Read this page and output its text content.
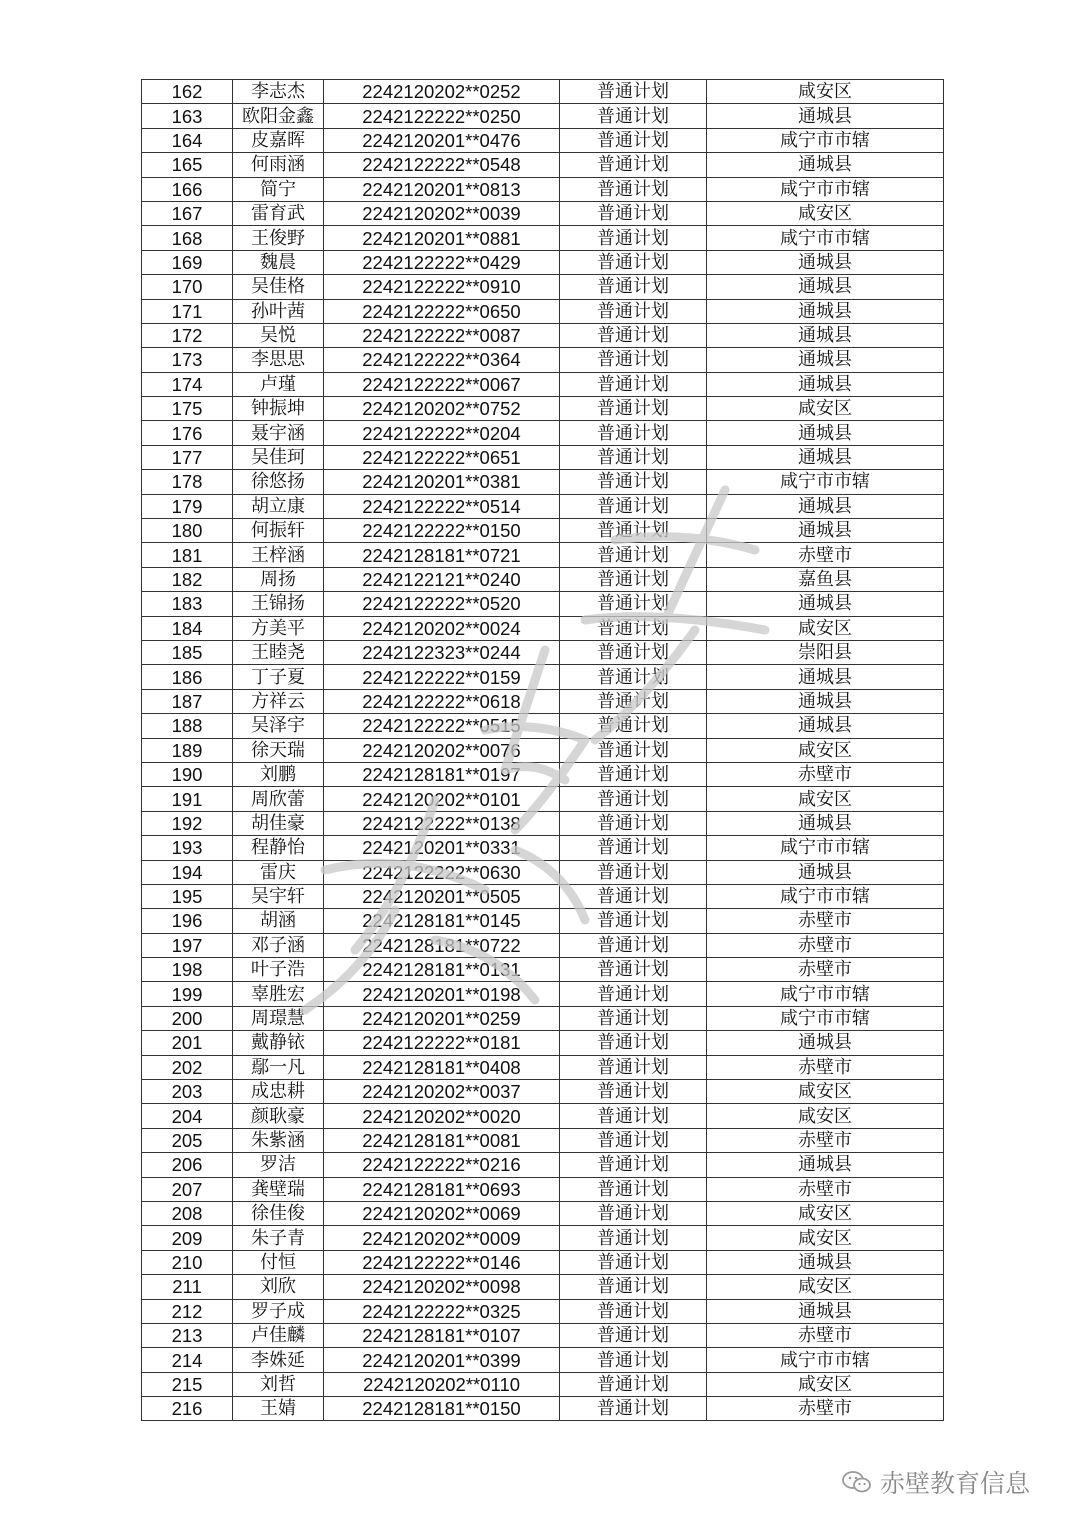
162	李志杰	2242120202**0252	普通计划	咸安区
163	欧阳金鑫	2242122222**0250	普通计划	通城县
164	皮嘉晖	2242120201**0476	普通计划	咸宁市市辖
165	何雨涵	2242122222**0548	普通计划	通城县
166	简宁	2242120201**0813	普通计划	咸宁市市辖
167	雷育武	2242120202**0039	普通计划	咸安区
168	王俊野	2242120201**0881	普通计划	咸宁市市辖
169	魏晨	2242122222**0429	普通计划	通城县
170	吴佳格	2242122222**0910	普通计划	通城县
171	孙叶茜	2242122222**0650	普通计划	通城县
172	吴悦	2242122222**0087	普通计划	通城县
173	李思思	2242122222**0364	普通计划	通城县
174	卢瑾	2242122222**0067	普通计划	通城县
175	钟振坤	2242120202**0752	普通计划	咸安区
176	聂宇涵	2242122222**0204	普通计划	通城县
177	吴佳珂	2242122222**0651	普通计划	通城县
178	徐悠扬	2242120201**0381	普通计划	咸宁市市辖
179	胡立康	2242122222**0514	普通计划	通城县
180	何振轩	2242122222**0150	普通计划	通城县
181	王梓涵	2242128181**0721	普通计划	赤壁市
182	周扬	2242122121**0240	普通计划	嘉鱼县
183	王锦扬	2242122222**0520	普通计划	通城县
184	方美平	2242120202**0024	普通计划	咸安区
185	王睦尧	2242122323**0244	普通计划	崇阳县
186	丁子夏	2242122222**0159	普通计划	通城县
187	方祥云	2242122222**0618	普通计划	通城县
188	吴泽宇	2242122222**0515	普通计划	通城县
189	徐天瑞	2242120202**0076	普通计划	咸安区
190	刘鹏	2242128181**0197	普通计划	赤壁市
191	周欣蕾	2242120202**0101	普通计划	咸安区
192	胡佳豪	2242122222**0138	普通计划	通城县
193	程静怡	2242120201**0331	普通计划	咸宁市市辖
194	雷庆	2242122222**0630	普通计划	通城县
195	吴宇轩	2242120201**0505	普通计划	咸宁市市辖
196	胡涵	2242128181**0145	普通计划	赤壁市
197	邓子涵	2242128181**0722	普通计划	赤壁市
198	叶子浩	2242128181**0131	普通计划	赤壁市
199	辜胜宏	2242120201**0198	普通计划	咸宁市市辖
200	周璟慧	2242120201**0259	普通计划	咸宁市市辖
201	戴静铱	2242122222**0181	普通计划	通城县
202	鄢一凡	2242128181**0408	普通计划	赤壁市
203	成忠耕	2242120202**0037	普通计划	咸安区
204	颜耿豪	2242120202**0020	普通计划	咸安区
205	朱紫涵	2242128181**0081	普通计划	赤壁市
206	罗洁	2242122222**0216	普通计划	通城县
207	龚壁瑞	2242128181**0693	普通计划	赤壁市
208	徐佳俊	2242120202**0069	普通计划	咸安区
209	朱子青	2242120202**0009	普通计划	咸安区
210	付恒	2242122222**0146	普通计划	通城县
211	刘欣	2242120202**0098	普通计划	咸安区
212	罗子成	2242122222**0325	普通计划	通城县
213	卢佳麟	2242128181**0107	普通计划	赤壁市
214	李姝延	2242120201**0399	普通计划	咸宁市市辖
215	刘哲	2242120202**0110	普通计划	咸安区
216	王婧	2242128181**0150	普通计划	赤壁市
赤壁教育信息
